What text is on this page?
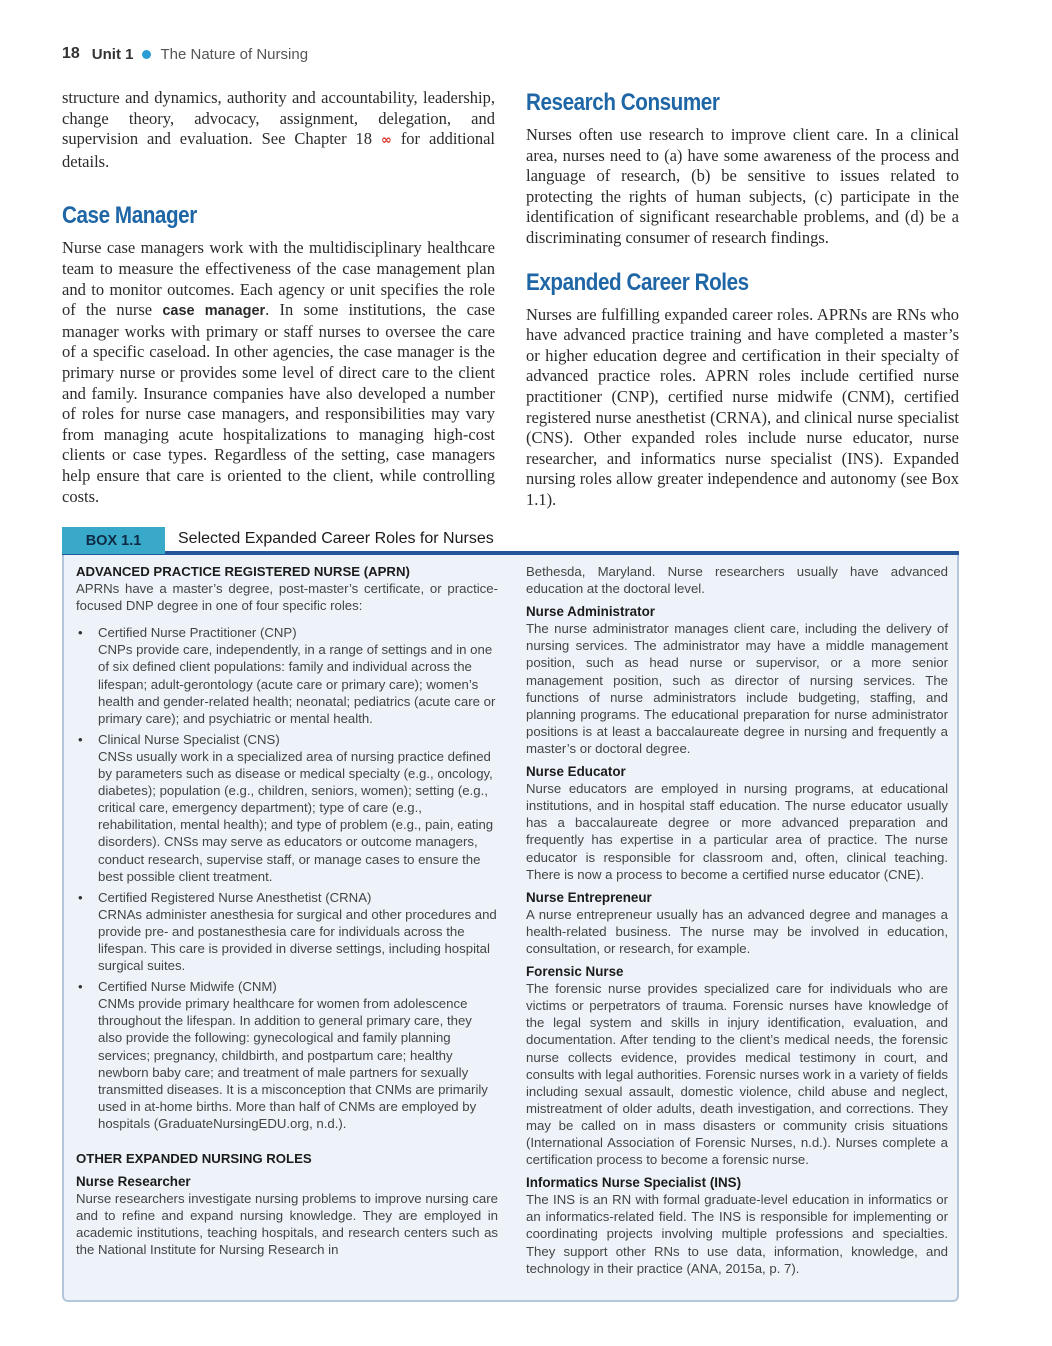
18 Unit 1 The Nature of Nursing

structure and dynamics, authority and accountability, leadership, change theory, advocacy, assignment, delegation, and supervision and evaluation. See Chapter 18 ∞ for additional details.

Case Manager

Nurse case managers work with the multidisciplinary healthcare team to measure the effectiveness of the case management plan and to monitor outcomes. Each agency or unit specifies the role of the nurse case manager. In some institutions, the case manager works with primary or staff nurses to oversee the care of a specific caseload. In other agencies, the case manager is the primary nurse or provides some level of direct care to the client and family. Insurance companies have also developed a number of roles for nurse case managers, and responsibilities may vary from managing acute hospitalizations to managing high-cost clients or case types. Regardless of the setting, case managers help ensure that care is oriented to the client, while controlling costs.

Research Consumer

Nurses often use research to improve client care. In a clinical area, nurses need to (a) have some awareness of the process and language of research, (b) be sensitive to issues related to protecting the rights of human subjects, (c) participate in the identification of significant researchable problems, and (d) be a discriminating consumer of research findings.

Expanded Career Roles

Nurses are fulfilling expanded career roles. APRNs are RNs who have advanced practice training and have completed a master’s or higher education degree and certification in their specialty of advanced practice roles. APRN roles include certified nurse practitioner (CNP), certified nurse midwife (CNM), certified registered nurse anesthetist (CRNA), and clinical nurse specialist (CNS). Other expanded roles include nurse educator, nurse researcher, and informatics nurse specialist (INS). Expanded nursing roles allow greater independence and autonomy (see Box 1.1).

BOX 1.1	Selected Expanded Career Roles for Nurses

ADVANCED PRACTICE REGISTERED NURSE (APRN)

APRNs have a master’s degree, post-master’s certificate, or practice-focused DNP degree in one of four specific roles:

• Certified Nurse Practitioner (CNP)
CNPs provide care, independently, in a range of settings and in one of six defined client populations: family and individual across the lifespan; adult-gerontology (acute care or primary care); women’s health and gender-related health; neonatal; pediatrics (acute care or primary care); and psychiatric or mental health.
• Clinical Nurse Specialist (CNS)
CNSs usually work in a specialized area of nursing practice defined by parameters such as disease or medical specialty (e.g., oncology, diabetes); population (e.g., children, seniors, women); setting (e.g., critical care, emergency department); type of care (e.g., rehabilitation, mental health); and type of problem (e.g., pain, eating disorders). CNSs may serve as educators or outcome managers, conduct research, supervise staff, or manage cases to ensure the best possible client treatment.
• Certified Registered Nurse Anesthetist (CRNA)
CRNAs administer anesthesia for surgical and other procedures and provide pre- and postanesthesia care for individuals across the lifespan. This care is provided in diverse settings, including hospital surgical suites.
• Certified Nurse Midwife (CNM)
CNMs provide primary healthcare for women from adolescence throughout the lifespan. In addition to general primary care, they also provide the following: gynecological and family planning services; pregnancy, childbirth, and postpartum care; healthy newborn baby care; and treatment of male partners for sexually transmitted diseases. It is a misconception that CNMs are primarily used in at-home births. More than half of CNMs are employed by hospitals (GraduateNursingEDU.org, n.d.).

OTHER EXPANDED NURSING ROLES

Nurse Researcher

Nurse researchers investigate nursing problems to improve nursing care and to refine and expand nursing knowledge. They are employed in academic institutions, teaching hospitals, and research centers such as the National Institute for Nursing Research in

Bethesda, Maryland. Nurse researchers usually have advanced education at the doctoral level.

Nurse Administrator

The nurse administrator manages client care, including the delivery of nursing services. The administrator may have a middle management position, such as head nurse or supervisor, or a more senior management position, such as director of nursing services. The functions of nurse administrators include budgeting, staffing, and planning programs. The educational preparation for nurse administrator positions is at least a baccalaureate degree in nursing and frequently a master’s or doctoral degree.

Nurse Educator

Nurse educators are employed in nursing programs, at educational institutions, and in hospital staff education. The nurse educator usually has a baccalaureate degree or more advanced preparation and frequently has expertise in a particular area of practice. The nurse educator is responsible for classroom and, often, clinical teaching. There is now a process to become a certified nurse educator (CNE).

Nurse Entrepreneur

A nurse entrepreneur usually has an advanced degree and manages a health-related business. The nurse may be involved in education, consultation, or research, for example.

Forensic Nurse

The forensic nurse provides specialized care for individuals who are victims or perpetrators of trauma. Forensic nurses have knowledge of the legal system and skills in injury identification, evaluation, and documentation. After tending to the client’s medical needs, the forensic nurse collects evidence, provides medical testimony in court, and consults with legal authorities. Forensic nurses work in a variety of fields including sexual assault, domestic violence, child abuse and neglect, mistreatment of older adults, death investigation, and corrections. They may be called on in mass disasters or community crisis situations (International Association of Forensic Nurses, n.d.). Nurses complete a certification process to become a forensic nurse.

Informatics Nurse Specialist (INS)

The INS is an RN with formal graduate-level education in informatics or an informatics-related field. The INS is responsible for implementing or coordinating projects involving multiple professions and specialties. They support other RNs to use data, information, knowledge, and technology in their practice (ANA, 2015a, p. 7).
